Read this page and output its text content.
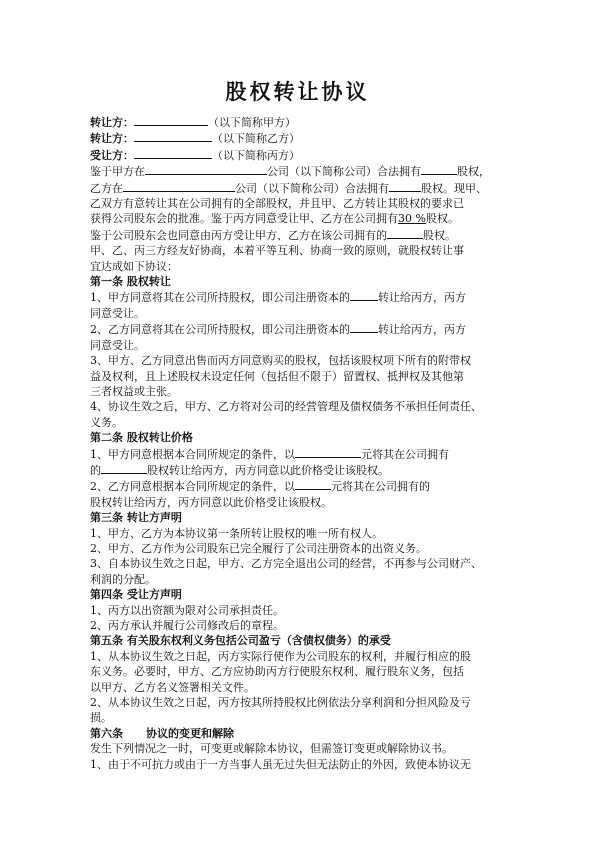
股权转让协议
转让方：	（以下简称甲方）
转让方：	（以下简称乙方）
受让方：	（以下简称丙方）
鉴于甲方在	公司（以下简称公司）合法拥有	股权，
乙方在	公司（以下简称公司）合法拥有	股权。现甲、
乙双方有意转让其在公司拥有的全部股权，并且甲、乙方转让其股权的要求已
获得公司股东会的批准。鉴于丙方同意受让甲、乙方在公司拥有30 %股权。
鉴于公司股东会也同意由丙方受让甲方、乙方在该公司拥有的	股权。
甲、乙、丙三方经友好协商，本着平等互利、协商一致的原则，就股权转让事
宜达成如下协议：
第一条 股权转让
1、甲方同意将其在公司所持股权，即公司注册资本的	转让给丙方，丙方
同意受让。
2、乙方同意将其在公司所持股权，即公司注册资本的	转让给丙方，丙方
同意受让。
3、甲方、乙方同意出售而丙方同意购买的股权，包括该股权项下所有的附带权
益及权利，且上述股权未设定任何（包括但不限于）留置权、抵押权及其他第
三者权益或主张。
4、协议生效之后，甲方、乙方将对公司的经营管理及债权债务不承担任何责任、
义务。
第二条 股权转让价格
1、甲方同意根据本合同所规定的条件，以	元将其在公司拥有
的	股权转让给丙方，丙方同意以此价格受让该股权。
2、乙方同意根据本合同所规定的条件，以	元将其在公司拥有的
股权转让给丙方，丙方同意以此价格受让该股权。
第三条 转让方声明
1、甲方、乙方为本协议第一条所转让股权的唯一所有权人。
2、甲方、乙方作为公司股东已完全履行了公司注册资本的出资义务。
3、自本协议生效之日起，甲方、乙方完全退出公司的经营，不再参与公司财产、
利润的分配。
第四条 受让方声明
1、丙方以出资额为限对公司承担责任。
2、丙方承认并履行公司修改后的章程。
第五条 有关股东权利义务包括公司盈亏（含债权债务）的承受
1、从本协议生效之日起，丙方实际行使作为公司股东的权利，并履行相应的股
东义务。必要时，甲方、乙方应协助丙方行使股东权利、履行股东义务，包括
以甲方、乙方名义签署相关文件。
2、从本协议生效之日起，丙方按其所持股权比例依法分享利润和分担风险及亏
损。
第六条      协议的变更和解除
发生下列情况之一时，可变更或解除本协议，但需签订变更或解除协议书。
1、由于不可抗力或由于一方当事人虽无过失但无法防止的外因，致使本协议无
